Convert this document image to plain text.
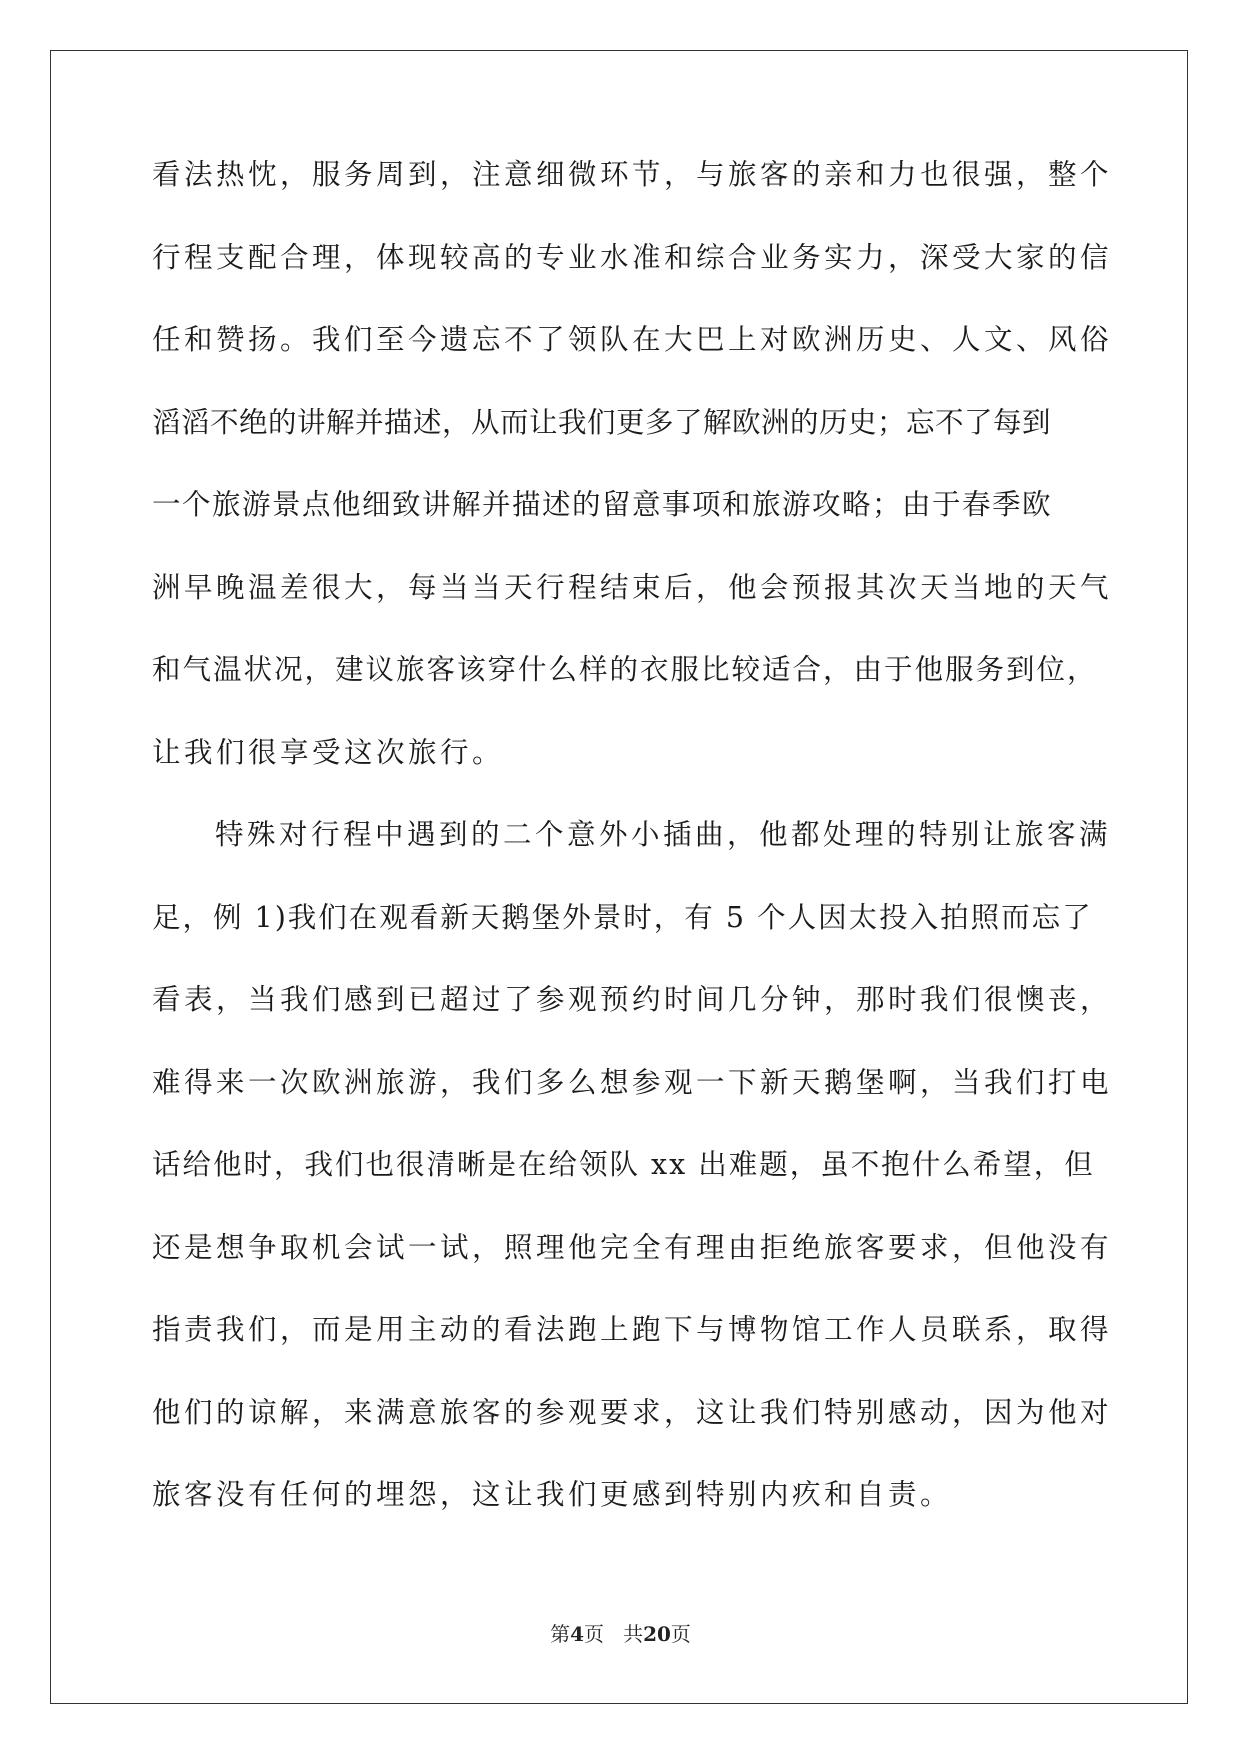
看法热忱，服务周到，注意细微环节，与旅客的亲和力也很强，整个
行程支配合理，体现较高的专业水准和综合业务实力，深受大家的信
任和赞扬。我们至今遗忘不了领队在大巴上对欧洲历史、人文、风俗
滔滔不绝的讲解并描述，从而让我们更多了解欧洲的历史；忘不了每到
一个旅游景点他细致讲解并描述的留意事项和旅游攻略；由于春季欧
洲早晚温差很大，每当当天行程结束后，他会预报其次天当地的天气
和气温状况，建议旅客该穿什么样的衣服比较适合，由于他服务到位，
让我们很享受这次旅行。
特殊对行程中遇到的二个意外小插曲，他都处理的特别让旅客满
足，例 1)我们在观看新天鹅堡外景时，有 5 个人因太投入拍照而忘了
看表，当我们感到已超过了参观预约时间几分钟，那时我们很懊丧，
难得来一次欧洲旅游，我们多么想参观一下新天鹅堡啊，当我们打电
话给他时，我们也很清晰是在给领队 xx 出难题，虽不抱什么希望，但
还是想争取机会试一试，照理他完全有理由拒绝旅客要求，但他没有
指责我们，而是用主动的看法跑上跑下与博物馆工作人员联系，取得
他们的谅解，来满意旅客的参观要求，这让我们特别感动，因为他对
旅客没有任何的埋怨，这让我们更感到特别内疚和自责。
第4页 共20页
